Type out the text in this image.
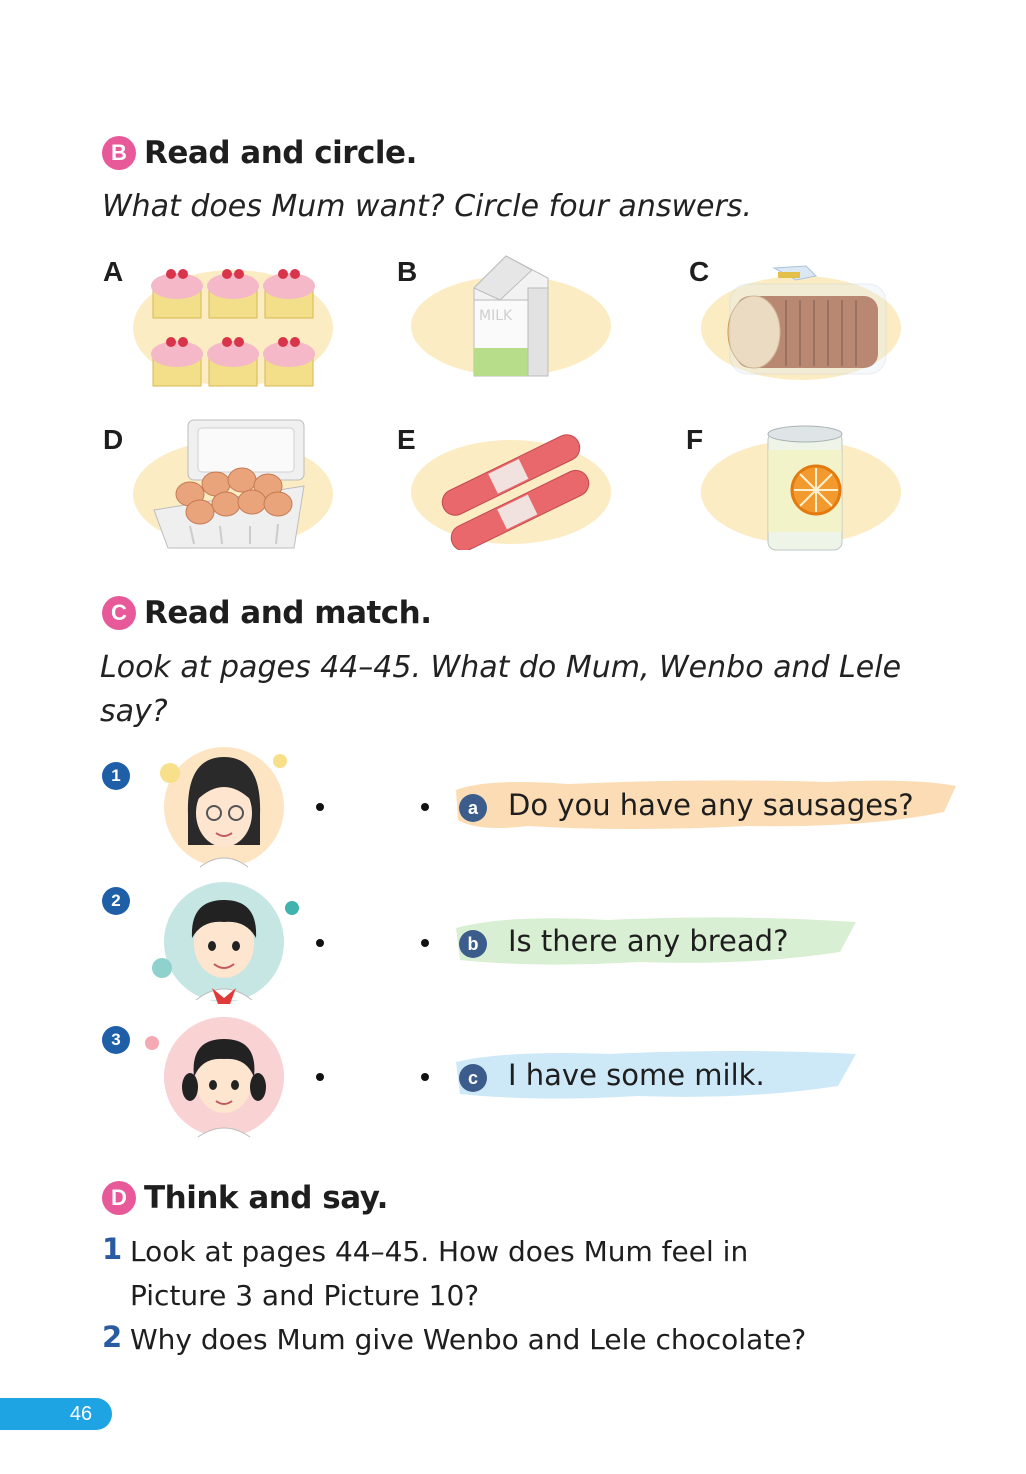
B Read and circle.
What does Mum want? Circle four answers.
A	B	C
D	E	F
MILK
C Read and match.
Look at pages 44–45. What do Mum, Wenbo and Lele
say?
1
a	Do you have any sausages?
2
b Is there any bread?
3
c	I have some milk.
D Think and say.
1 Look at pages 44–45. How does Mum feel in
Picture 3 and Picture 10?
2 Why does Mum give Wenbo and Lele chocolate?
46
